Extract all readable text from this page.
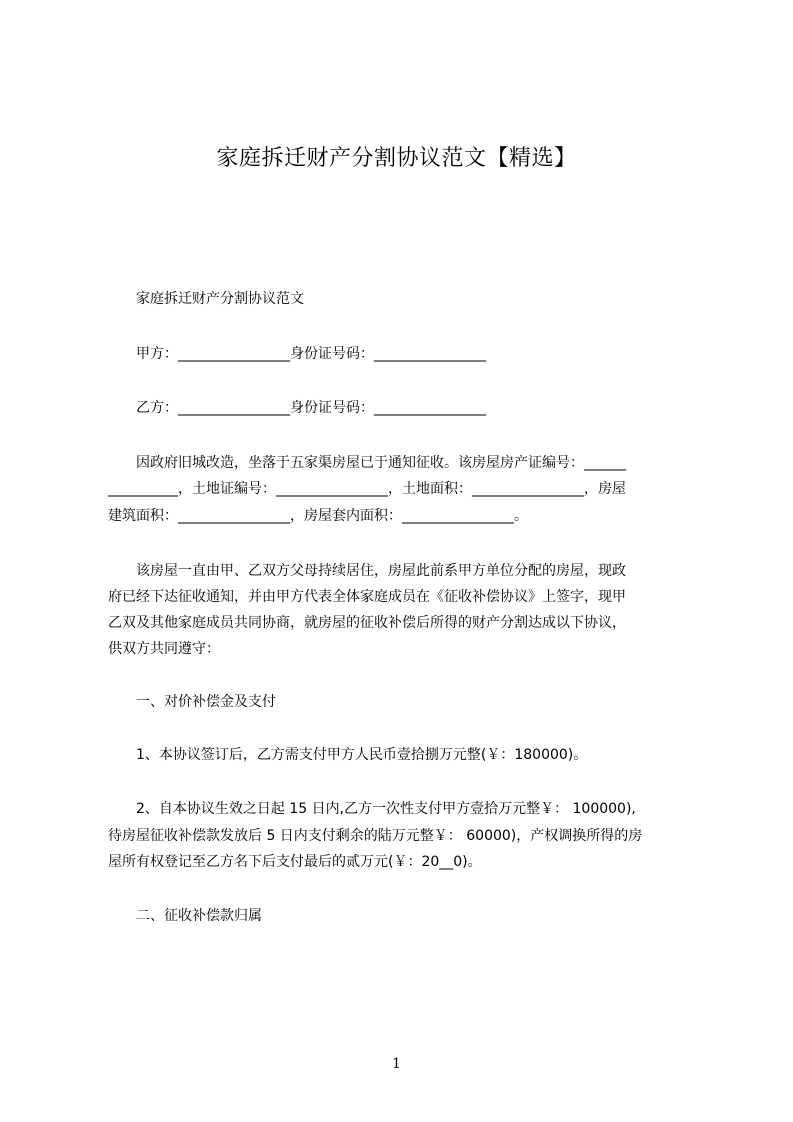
家庭拆迁财产分割协议范文【精选】
家庭拆迁财产分割协议范文
甲方：________________身份证号码：________________
乙方：________________身份证号码：________________
因政府旧城改造，坐落于五家渠房屋已于通知征收。该房屋房产证编号：______
__________，土地证编号：________________，土地面积：________________，房屋
建筑面积：________________，房屋套内面积：________________。
该房屋一直由甲、乙双方父母持续居住，房屋此前系甲方单位分配的房屋，现政
府已经下达征收通知，并由甲方代表全体家庭成员在《征收补偿协议》上签字，现甲
乙双及其他家庭成员共同协商，就房屋的征收补偿后所得的财产分割达成以下协议，
供双方共同遵守：
一、对价补偿金及支付
1、本协议签订后，乙方需支付甲方人民币壹拾捌万元整(￥：180000)。
2、自本协议生效之日起 15 日内,乙方一次性支付甲方壹拾万元整￥： 100000),
待房屋征收补偿款发放后 5 日内支付剩余的陆万元整￥： 60000)，产权调换所得的房
屋所有权登记至乙方名下后支付最后的贰万元(￥：20__0)。
二、征收补偿款归属
1
